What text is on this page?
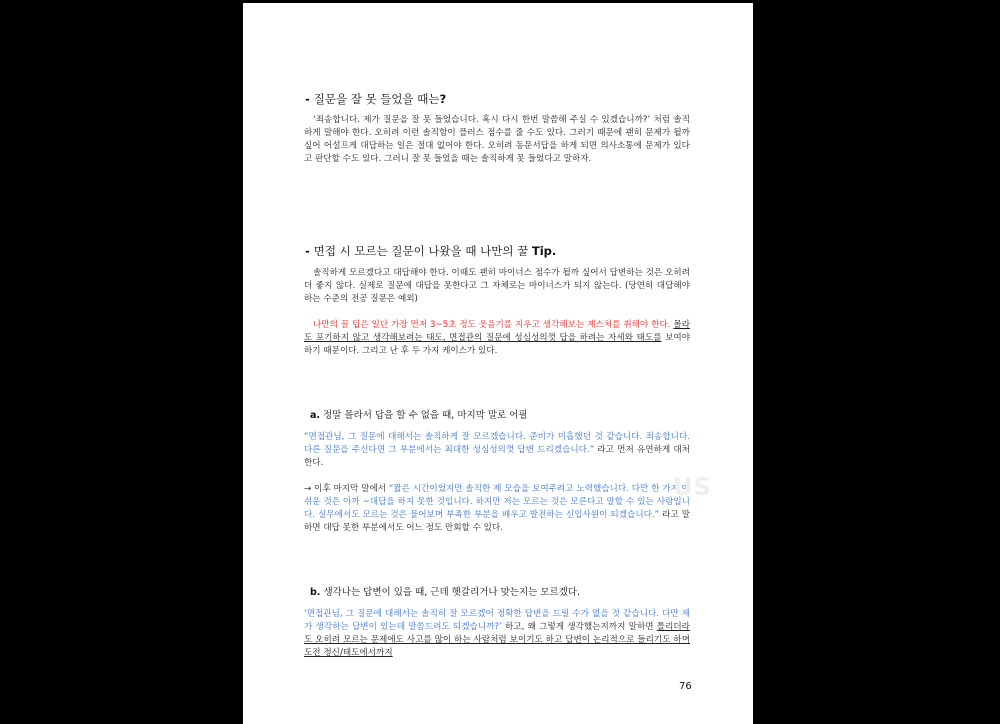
- 질문을 잘 못 들었을 때는?

‘죄송합니다. 제가 질문을 잘 못 들었습니다. 혹시 다시 한번 말씀해 주실 수 있겠습니까?’ 처럼 솔직하게 말해야 한다. 오히려 이런 솔직함이 플러스 점수를 줄 수도 있다. 그러기 때문에 괜히 문제가 될까 싶어 어설프게 대답하는 일은 절대 없어야 한다. 오히려 동문서답을 하게 되면 의사소통에 문제가 있다고 판단할 수도 있다. 그러니 잘 못 들었을 때는 솔직하게 못 들었다고 말하자.

- 면접 시 모르는 질문이 나왔을 때 나만의 꿀 Tip.

솔직하게 모르겠다고 대답해야 한다. 이때도 괜히 마이너스 점수가 될까 싶어서 답변하는 것은 오히려 더 좋지 않다. 실제로 질문에 대답을 못한다고 그 자체로는 마이너스가 되지 않는다. (당연히 대답해야 하는 수준의 전공 질문은 예외)

나만의 꿀 팁은 일단 가장 먼저 3~5초 정도 웃음기를 지우고 생각해보는 제스처를 취해야 한다. 몰라도 포기하지 않고 생각해보려는 태도, 면접관의 질문에 성심성의껏 답을 하려는 자세와 태도를 보여야 하기 때문이다. 그리고 난 후 두 가지 케이스가 있다.

a. 정말 몰라서 답을 할 수 없을 때, 마지막 말로 어필

“면접관님, 그 질문에 대해서는 솔직하게 잘 모르겠습니다. 준비가 미흡했던 것 같습니다. 죄송합니다. 다른 질문을 주신다면 그 부분에서는 최대한 성심성의껏 답변 드리겠습니다.” 라고 먼저 유연하게 대처한다.

→ 이후 마지막 말에서 “짧은 시간이었지만 솔직한 제 모습을 보여주려고 노력했습니다. 다만 한 가지 아쉬운 것은 아까 ~대답을 하지 못한 것입니다. 하지만 저는 모르는 것은 모른다고 말할 수 있는 사람입니다. 실무에서도 모르는 것은 물어보며 부족한 부분을 배우고 발전하는 신입사원이 되겠습니다.” 라고 말하면 대답 못한 부분에서도 어느 정도 만회할 수 있다.

b. 생각나는 답변이 있을 때, 근데 헷갈리거나 맞는지는 모르겠다.

‘면접관님, 그 질문에 대해서는 솔직히 잘 모르겠어 정확한 답변을 드릴 수가 없을 것 같습니다. 다만 제가 생각하는 답변이 있는데 말씀드려도 되겠습니까?’ 하고, 왜 그렇게 생각했는지까지 말하면 틀리더라도 오히려 모르는 문제에도 사고를 많이 하는 사람처럼 보이기도 하고 답변이 논리적으로 들리기도 하며 도전 정신/태도에서까지

US
76
